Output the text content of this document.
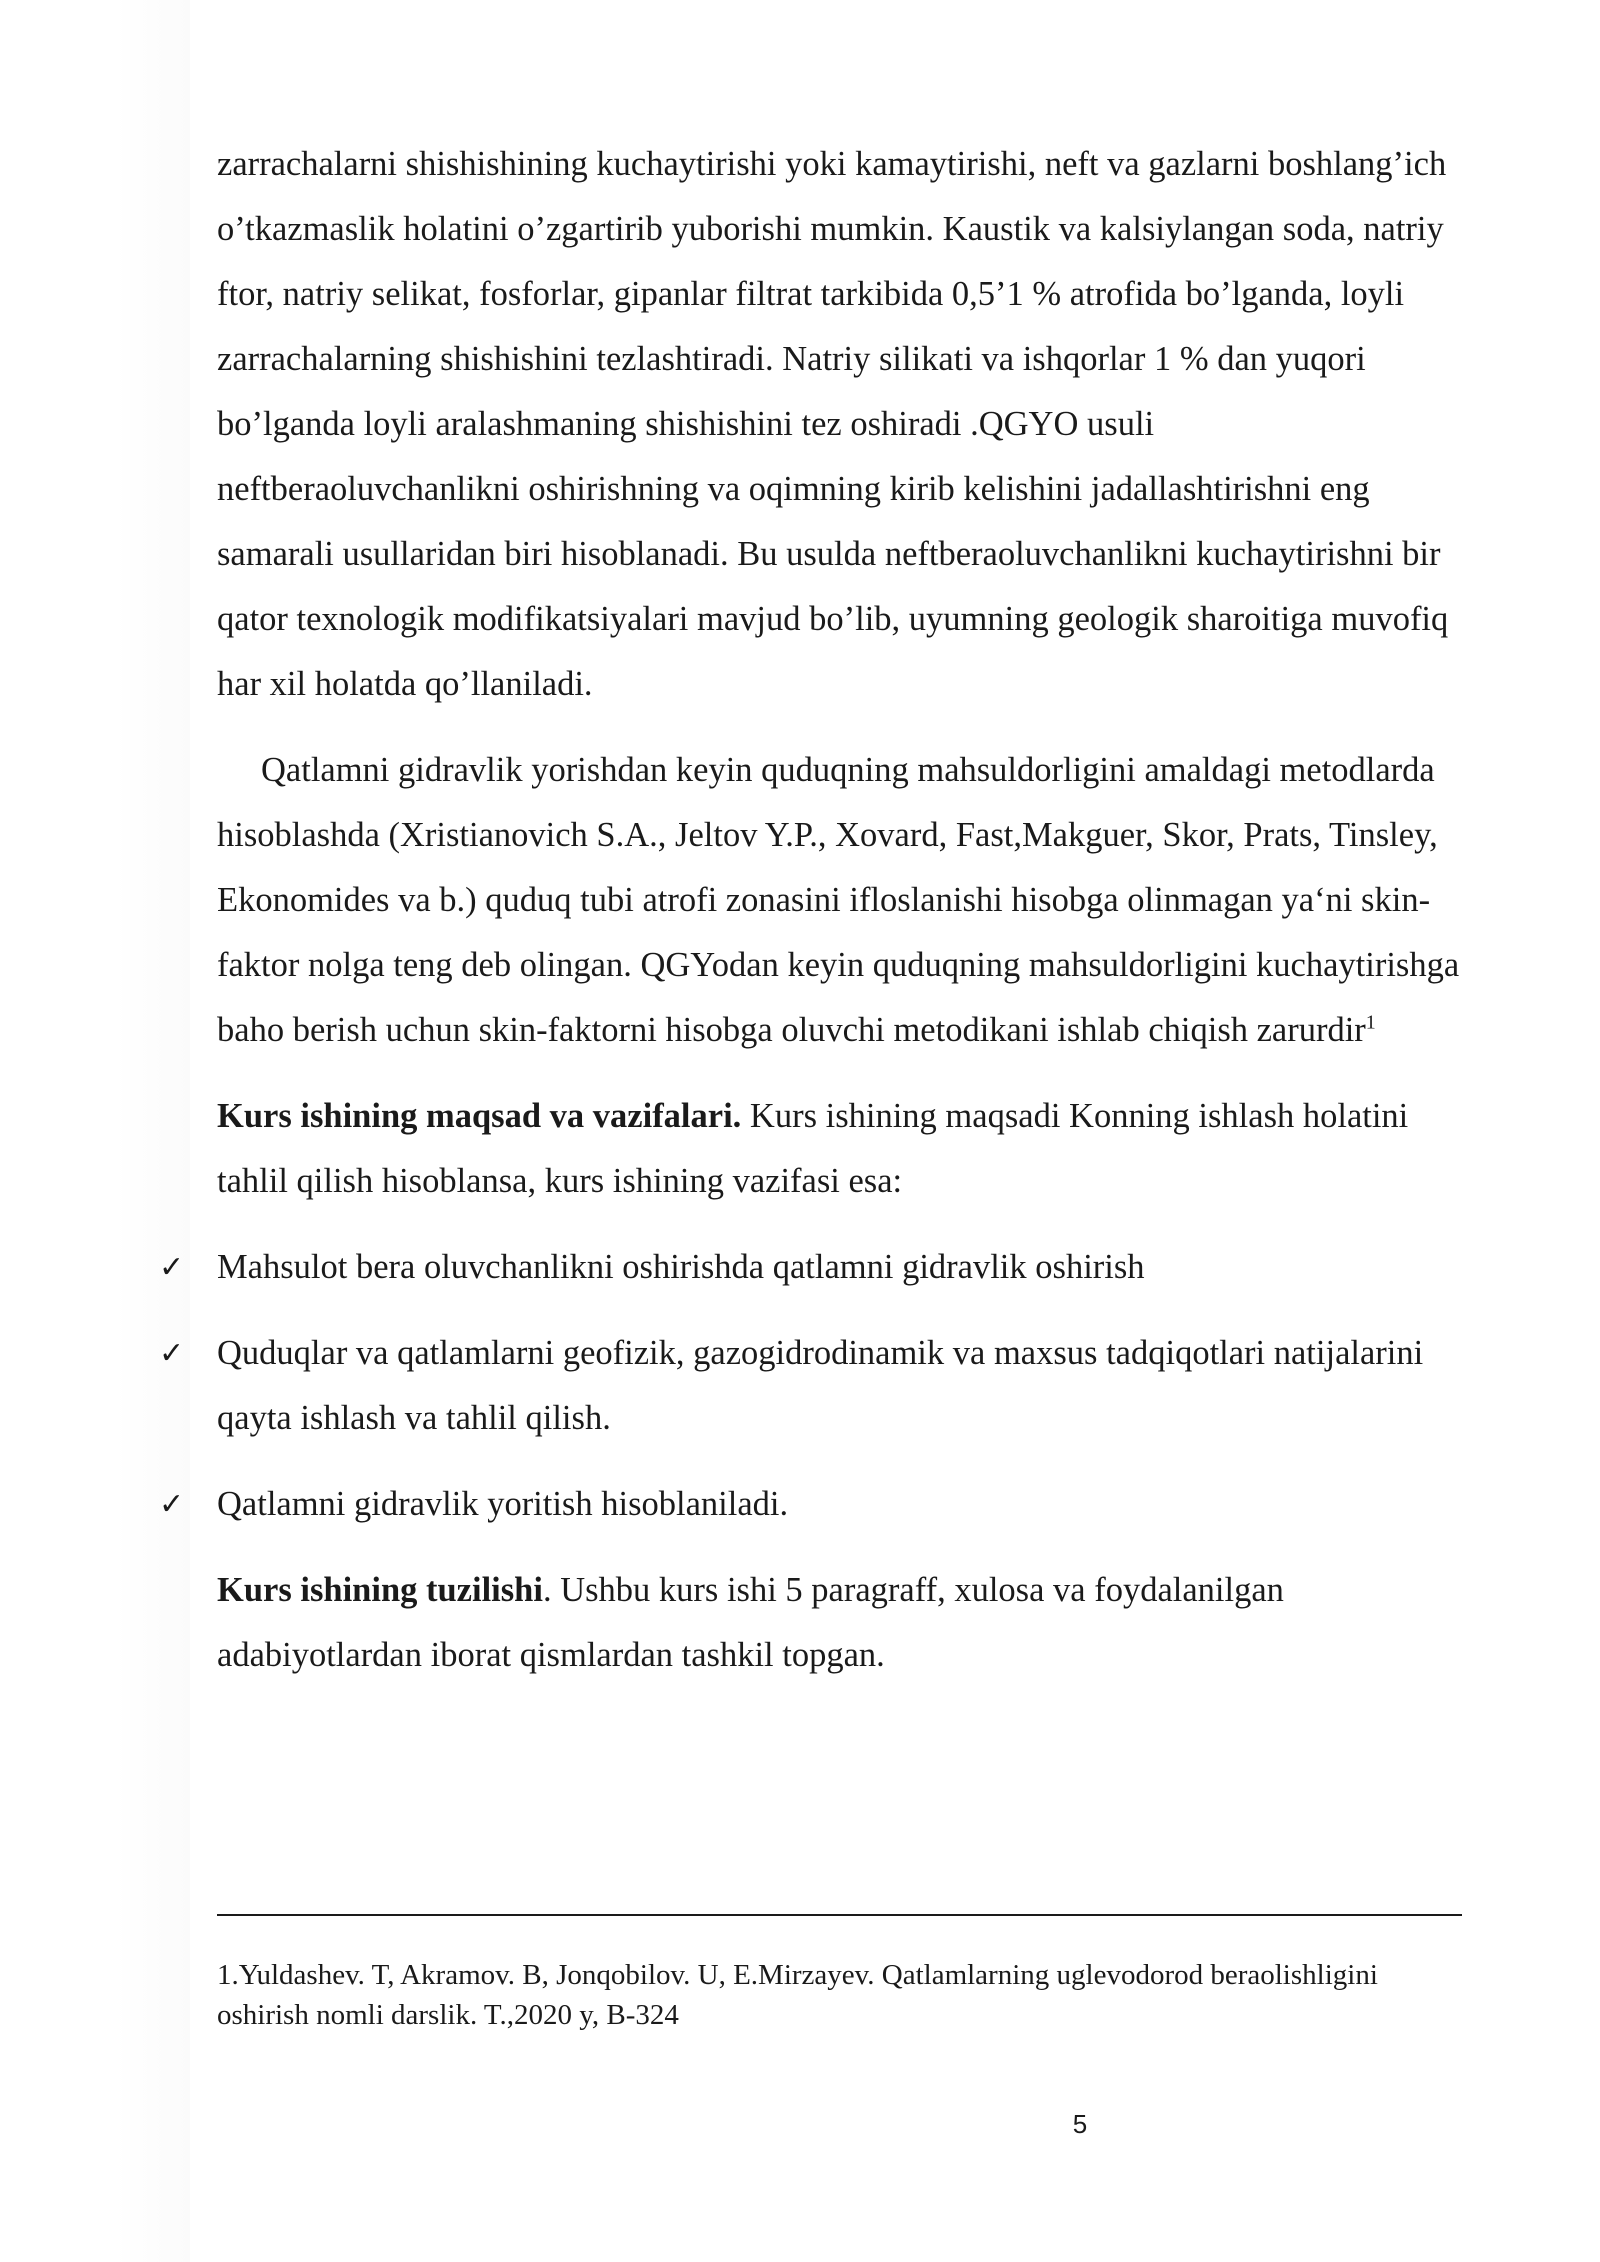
zarrachalarni shishishining kuchaytirishi yoki kamaytirishi, neft va gazlarni boshlang’ich o’tkazmaslik holatini o’zgartirib yuborishi mumkin. Kaustik va kalsiylangan soda, natriy ftor, natriy selikat, fosforlar, gipanlar filtrat tarkibida 0,5’1 % atrofida bo’lganda, loyli zarrachalarning shishishini tezlashtiradi. Natriy silikati va ishqorlar 1 % dan yuqori bo’lganda loyli aralashmaning shishishini tez oshiradi .QGYO usuli neftberaoluvchanlikni oshirishning va oqimning kirib kelishini jadallashtirishni eng samarali usullaridan biri hisoblanadi. Bu usulda neftberaoluvchanlikni kuchaytirishni bir qator texnologik modifikatsiyalari mavjud bo’lib, uyumning geologik sharoitiga muvofiq har xil holatda qo’llaniladi.

Qatlamni gidravlik yorishdan keyin quduqning mahsuldorligini amaldagi metodlarda hisoblashda (Xristianovich S.A., Jeltov Y.P., Xovard, Fast,Makguer, Skor, Prats, Tinsley, Ekonomides va b.) quduq tubi atrofi zonasini ifloslanishi hisobga olinmagan ya‘ni skin-faktor nolga teng deb olingan. QGYodan keyin quduqning mahsuldorligini kuchaytirishga baho berish uchun skin-faktorni hisobga oluvchi metodikani ishlab chiqish zarurdir$^1$

Kurs ishining maqsad va vazifalari. Kurs ishining maqsadi Konning ishlash holatini tahlil qilish hisoblansa, kurs ishining vazifasi esa:

✓ Mahsulot bera oluvchanlikni oshirishda qatlamni gidravlik oshirish
✓ Quduqlar va qatlamlarni geofizik, gazogidrodinamik va maxsus tadqiqotlari natijalarini qayta ishlash va tahlil qilish.
✓ Qatlamni gidravlik yoritish hisoblaniladi.

Kurs ishining tuzilishi. Ushbu kurs ishi 5 paragraff, xulosa va foydalanilgan adabiyotlardan iborat qismlardan tashkil topgan.

1.Yuldashev. T, Akramov. B, Jonqobilov. U, E.Mirzayev. Qatlamlarning uglevodorod beraolishligini oshirish nomli darslik. T.,2020 y, B-324
5
